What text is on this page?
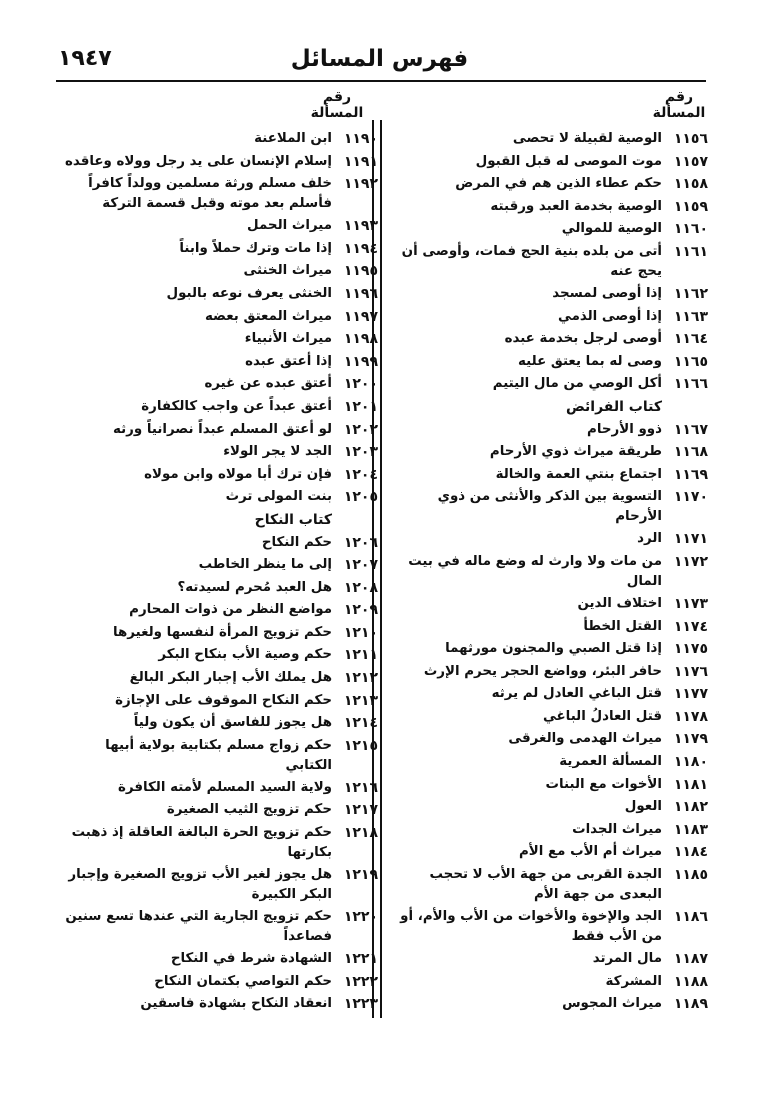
فهرس المسائل
١٩٤٧
رقم المسألة
رقم المسألة
١١٥٦
الوصية لقبيلة لا تحصى
١١٥٧
موت الموصى له قبل القبول
١١٥٨
حكم عطاء الذين هم في المرض
١١٥٩
الوصية بخدمة العبد ورقبته
١١٦٠
الوصية للموالي
١١٦١
أتى من بلده بنية الحج فمات، وأوصى أن يحج عنه
١١٦٢
إذا أوصى لمسجد
١١٦٣
إذا أوصى الذمي
١١٦٤
أوصى لرجل بخدمة عبده
١١٦٥
وصى له بما يعتق عليه
١١٦٦
أكل الوصي من مال اليتيم
كتاب الفرائض
١١٦٧
ذوو الأرحام
١١٦٨
طريقة ميراث ذوي الأرحام
١١٦٩
اجتماع بنتي العمة والخالة
١١٧٠
التسوية بين الذكر والأنثى من ذوي الأرحام
١١٧١
الرد
١١٧٢
من مات ولا وارث له وضع ماله في بيت المال
١١٧٣
اختلاف الدين
١١٧٤
القتل الخطأ
١١٧٥
إذا قتل الصبي والمجنون مورثهما
١١٧٦
حافر البئر، وواضع الحجر يحرم الإرث
١١٧٧
قتل الباغي العادل لم يرثه
١١٧٨
قتل العادلُ الباغي
١١٧٩
ميراث الهدمى والغرقى
١١٨٠
المسألة العمرية
١١٨١
الأخوات مع البنات
١١٨٢
العول
١١٨٣
ميراث الجدات
١١٨٤
ميراث أم الأب مع الأم
١١٨٥
الجدة القربى من جهة الأب لا تحجب البعدى من جهة الأم
١١٨٦
الجد والإخوة والأخوات من الأب والأم، أو من الأب فقط
١١٨٧
مال المرتد
١١٨٨
المشركة
١١٨٩
ميراث المجوس
١١٩٠
ابن الملاعنة
١١٩١
إسلام الإنسان على يد رجل وولاه وعاقده
١١٩٢
خلف مسلم ورثة مسلمين وولداً كافراً فأسلم بعد موته وقبل قسمة التركة
١١٩٣
ميراث الحمل
١١٩٤
إذا مات وترك حملاً وابناً
١١٩٥
ميراث الخنثى
١١٩٦
الخنثى يعرف نوعه بالبول
١١٩٧
ميراث المعتق بعضه
١١٩٨
ميراث الأنبياء
١١٩٩
إذا أعتق عبده
١٢٠٠
أعتق عبده عن غيره
١٢٠١
أعتق عبداً عن واجب كالكفارة
١٢٠٢
لو أعتق المسلم عبداً نصرانياً ورثه
١٢٠٣
الجد لا يجر الولاء
١٢٠٤
فإن ترك أبا مولاه وابن مولاه
١٢٠٥
بنت المولى ترث
كتاب النكاح
١٢٠٦
حكم النكاح
١٢٠٧
إلى ما ينظر الخاطب
١٢٠٨
هل العبد مُحرم لسيدته؟
١٢٠٩
مواضع النظر من ذوات المحارم
١٢١٠
حكم تزويج المرأة لنفسها ولغيرها
١٢١١
حكم وصية الأب بنكاح البكر
١٢١٢
هل يملك الأب إجبار البكر البالغ
١٢١٣
حكم النكاح الموقوف على الإجازة
١٢١٤
هل يجوز للفاسق أن يكون ولياً
١٢١٥
حكم زواج مسلم بكتابية بولاية أبيها الكتابي
١٢١٦
ولاية السيد المسلم لأمته الكافرة
١٢١٧
حكم تزويج الثيب الصغيرة
١٢١٨
حكم تزويج الحرة البالغة العاقلة إذ ذهبت بكارتها
١٢١٩
هل يجوز لغير الأب تزويج الصغيرة وإجبار البكر الكبيرة
١٢٢٠
حكم تزويج الجارية التي عندها تسع سنين فصاعداً
١٢٢١
الشهادة شرط في النكاح
١٢٢٢
حكم التواصي بكتمان النكاح
١٢٢٣
انعقاد النكاح بشهادة فاسقين
